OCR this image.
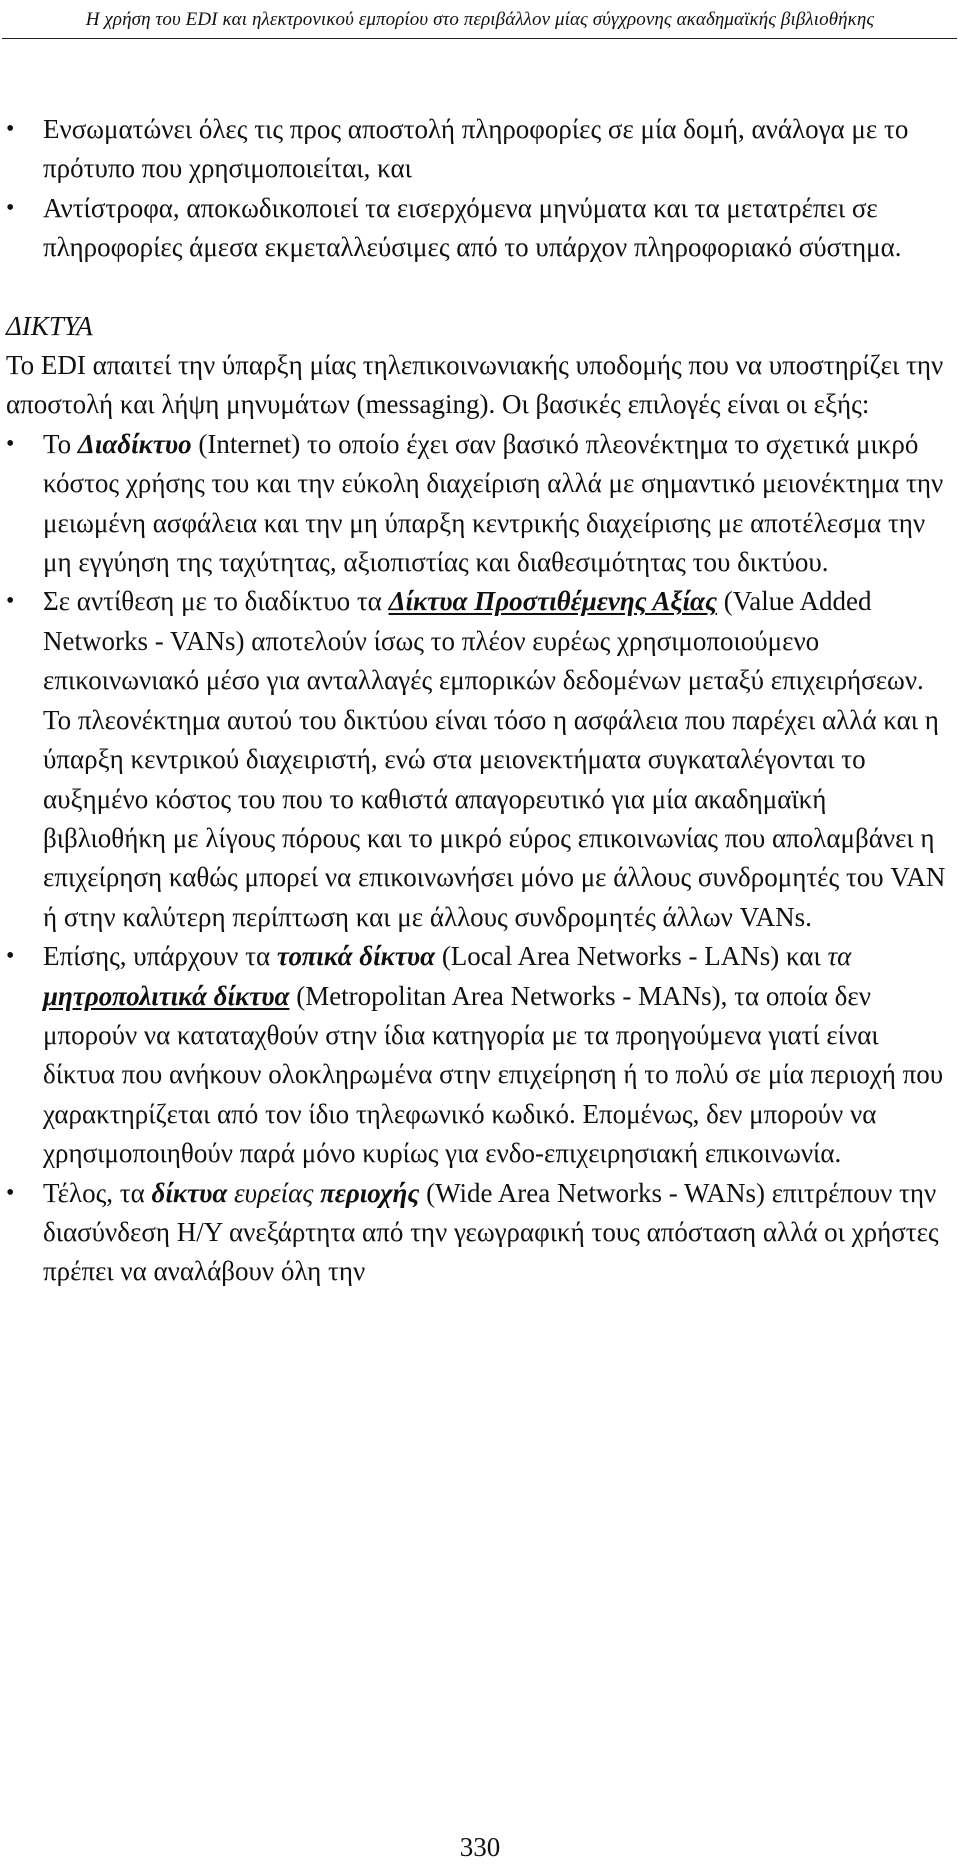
Η χρήση του EDI και ηλεκτρονικού εμπορίου στο περιβάλλον μίας σύγχρονης ακαδημαϊκής βιβλιοθήκης
•	Ενσωματώνει όλες τις προς αποστολή πληροφορίες σε μία δομή, ανάλογα με το πρότυπο που χρησιμοποιείται, και
•	Αντίστροφα, αποκωδικοποιεί τα εισερχόμενα μηνύματα και τα μετατρέπει σε πληροφορίες άμεσα εκμεταλλεύσιμες από το υπάρχον πληροφοριακό σύστημα.

ΔΙΚΤΥΑ

Το EDI απαιτεί την ύπαρξη μίας τηλεπικοινωνιακής υποδομής που να υποστηρίζει την αποστολή και λήψη μηνυμάτων (messaging). Οι βασικές επιλογές είναι οι εξής:

•	Το Διαδίκτυο (Internet) το οποίο έχει σαν βασικό πλεονέκτημα το σχετικά μικρό κόστος χρήσης του και την εύκολη διαχείριση αλλά με σημαντικό μειονέκτημα την μειωμένη ασφάλεια και την μη ύπαρξη κεντρικής διαχείρισης με αποτέλεσμα την μη εγγύηση της ταχύτητας, αξιοπιστίας και διαθεσιμότητας του δικτύου.
•	Σε αντίθεση με το διαδίκτυο τα Δίκτυα Προστιθέμενης Αξίας (Value Added Networks - VANs) αποτελούν ίσως το πλέον ευρέως χρησιμοποιούμενο επικοινωνιακό μέσο για ανταλλαγές εμπορικών δεδομένων μεταξύ επιχειρήσεων. Το πλεονέκτημα αυτού του δικτύου είναι τόσο η ασφάλεια που παρέχει αλλά και η ύπαρξη κεντρικού διαχειριστή, ενώ στα μειονεκτήματα συγκαταλέγονται το αυξημένο κόστος του που το καθιστά απαγορευτικό για μία ακαδημαϊκή βιβλιοθήκη με λίγους πόρους και το μικρό εύρος επικοινωνίας που απολαμβάνει η επιχείρηση καθώς μπορεί να επικοινωνήσει μόνο με άλλους συνδρομητές του VAN ή στην καλύτερη περίπτωση και με άλλους συνδρομητές άλλων VANs.
•	Επίσης, υπάρχουν τα τοπικά δίκτυα (Local Area Networks - LANs) και τα μητροπολιτικά δίκτυα (Metropolitan Area Networks - MANs), τα οποία δεν μπορούν να καταταχθούν στην ίδια κατηγορία με τα προηγούμενα γιατί είναι δίκτυα που ανήκουν ολοκληρωμένα στην επιχείρηση ή το πολύ σε μία περιοχή που χαρακτηρίζεται από τον ίδιο τηλεφωνικό κωδικό. Επομένως, δεν μπορούν να χρησιμοποιηθούν παρά μόνο κυρίως για ενδο-επιχειρησιακή επικοινωνία.
•	Τέλος, τα δίκτυα ευρείας περιοχής (Wide Area Networks - WANs) επιτρέπουν την διασύνδεση Η/Υ ανεξάρτητα από την γεωγραφική τους απόσταση αλλά οι χρήστες πρέπει να αναλάβουν όλη την
330
